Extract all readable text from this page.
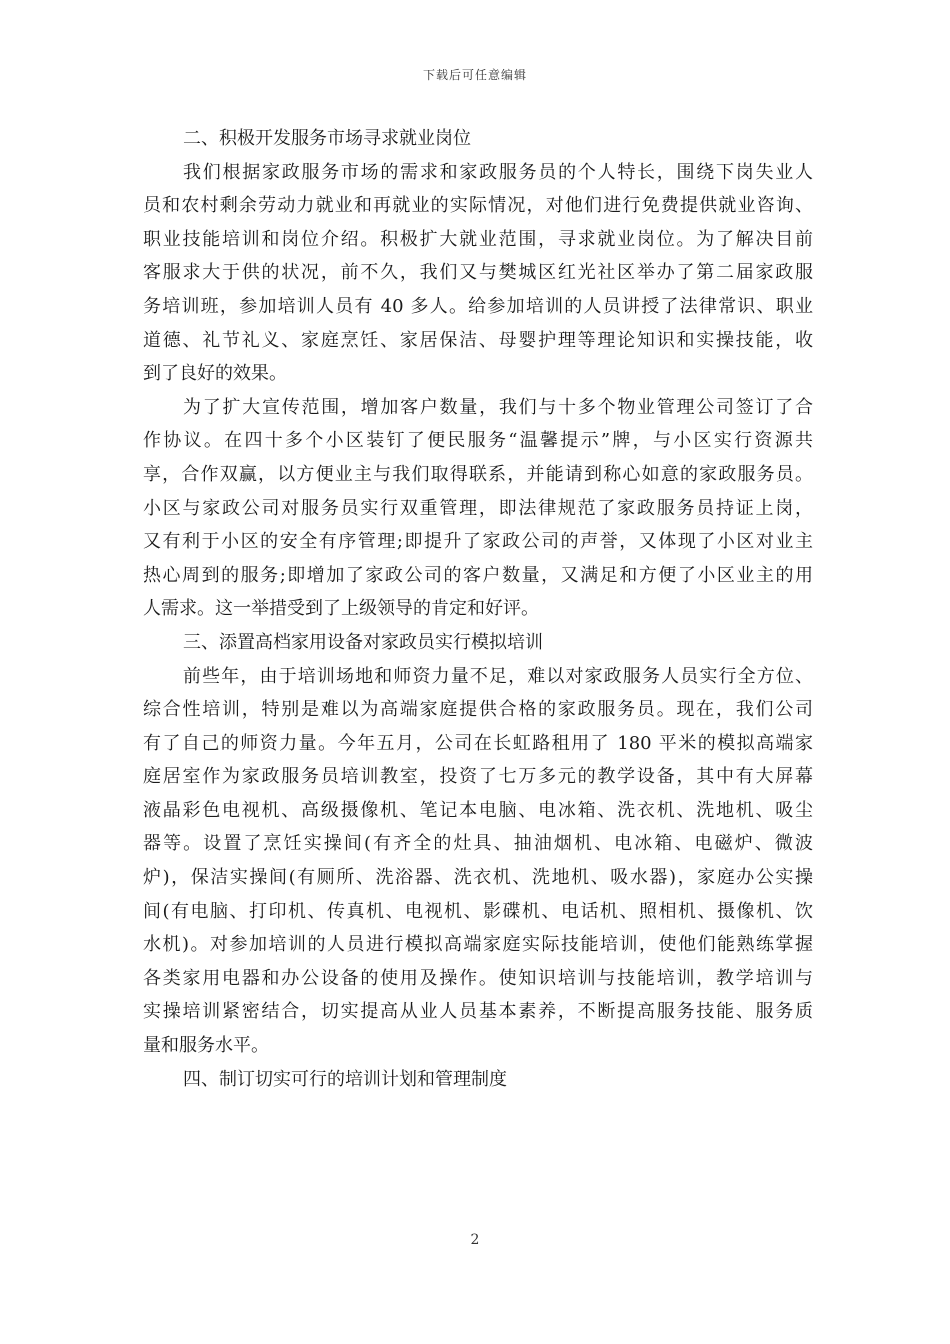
下载后可任意编辑
二、积极开发服务市场寻求就业岗位
我们根据家政服务市场的需求和家政服务员的个人特长，围绕下岗失业人
员和农村剩余劳动力就业和再就业的实际情况，对他们进行免费提供就业咨询、
职业技能培训和岗位介绍。积极扩大就业范围，寻求就业岗位。为了解决目前
客服求大于供的状况，前不久，我们又与樊城区红光社区举办了第二届家政服
务培训班，参加培训人员有 40 多人。给参加培训的人员讲授了法律常识、职业
道德、礼节礼义、家庭烹饪、家居保洁、母婴护理等理论知识和实操技能，收
到了良好的效果。
为了扩大宣传范围，增加客户数量，我们与十多个物业管理公司签订了合
作协议。在四十多个小区装钉了便民服务“温馨提示”牌，与小区实行资源共
享，合作双赢，以方便业主与我们取得联系，并能请到称心如意的家政服务员。
小区与家政公司对服务员实行双重管理，即法律规范了家政服务员持证上岗，
又有利于小区的安全有序管理;即提升了家政公司的声誉，又体现了小区对业主
热心周到的服务;即增加了家政公司的客户数量，又满足和方便了小区业主的用
人需求。这一举措受到了上级领导的肯定和好评。
三、添置高档家用设备对家政员实行模拟培训
前些年，由于培训场地和师资力量不足，难以对家政服务人员实行全方位、
综合性培训，特别是难以为高端家庭提供合格的家政服务员。现在，我们公司
有了自己的师资力量。今年五月，公司在长虹路租用了 180 平米的模拟高端家
庭居室作为家政服务员培训教室，投资了七万多元的教学设备，其中有大屏幕
液晶彩色电视机、高级摄像机、笔记本电脑、电冰箱、洗衣机、洗地机、吸尘
器等。设置了烹饪实操间(有齐全的灶具、抽油烟机、电冰箱、电磁炉、微波
炉)，保洁实操间(有厕所、洗浴器、洗衣机、洗地机、吸水器)，家庭办公实操
间(有电脑、打印机、传真机、电视机、影碟机、电话机、照相机、摄像机、饮
水机)。对参加培训的人员进行模拟高端家庭实际技能培训，使他们能熟练掌握
各类家用电器和办公设备的使用及操作。使知识培训与技能培训，教学培训与
实操培训紧密结合，切实提高从业人员基本素养，不断提高服务技能、服务质
量和服务水平。
四、制订切实可行的培训计划和管理制度
2
